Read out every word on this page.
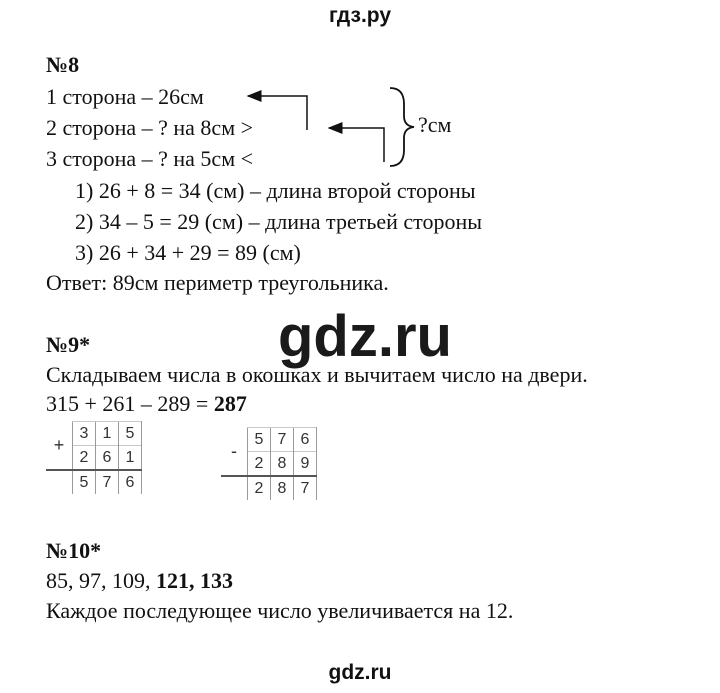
гдз.ру
№8
1 сторона – 26см
2 сторона – ? на 8см >
3 сторона – ? на 5см <
?см
1) 26 + 8 = 34 (см) – длина второй стороны
2) 34 – 5 = 29 (см) – длина третьей стороны
3) 26 + 34 + 29 = 89 (см)
Ответ: 89см периметр треугольника.
gdz.ru
№9*
Складываем числа в окошках и вычитаем число на двери.
315 + 261 – 289 = 287
+	3	1	5
	2	6	1
	5	7	6
-	5	7	6
	2	8	9
	2	8	7
№10*
85, 97, 109, 121, 133
Каждое последующее число увеличивается на 12.
gdz.ru
